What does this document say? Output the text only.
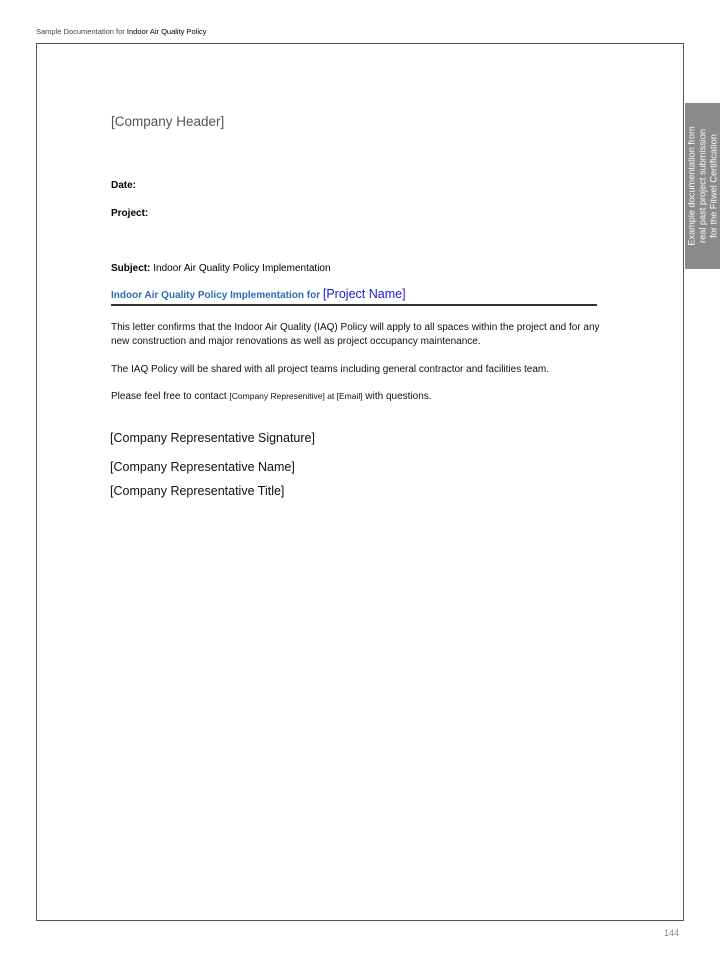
Sample Documentation for Indoor Air Quality Policy
Example documentation from real past project submission for the Fitwel Certification
[Company Header]
Date:
Project:
Subject: Indoor Air Quality Policy Implementation
Indoor Air Quality Policy Implementation for [Project Name]
This letter confirms that the Indoor Air Quality (IAQ) Policy will apply to all spaces within the project and for any new construction and major renovations as well as project occupancy maintenance.
The IAQ Policy will be shared with all project teams including general contractor and facilities team.
Please feel free to contact [Company Represenitive] at [Email] with questions.
[Company Representative Signature]
[Company Representative Name]
[Company Representative Title]
144
